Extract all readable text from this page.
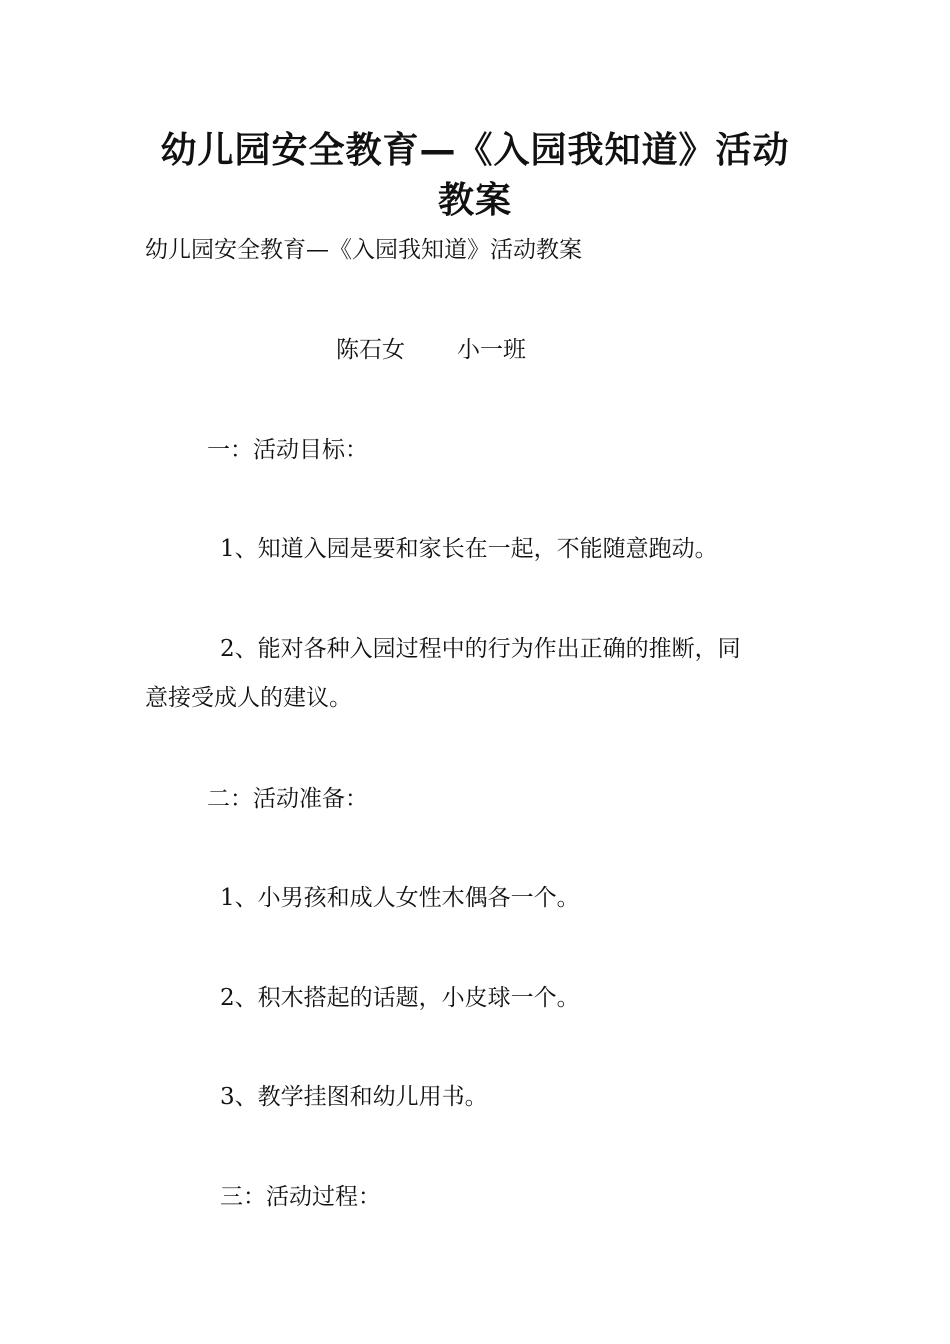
幼儿园安全教育—《入园我知道》活动
教案

幼儿园安全教育—《入园我知道》活动教案

陈石女 小一班

一：活动目标：

1、知道入园是要和家长在一起，不能随意跑动。

2、能对各种入园过程中的行为作出正确的推断，同

意接受成人的建议。

二：活动准备：

1、小男孩和成人女性木偶各一个。

2、积木搭起的话题，小皮球一个。

3、教学挂图和幼儿用书。

三：活动过程：
